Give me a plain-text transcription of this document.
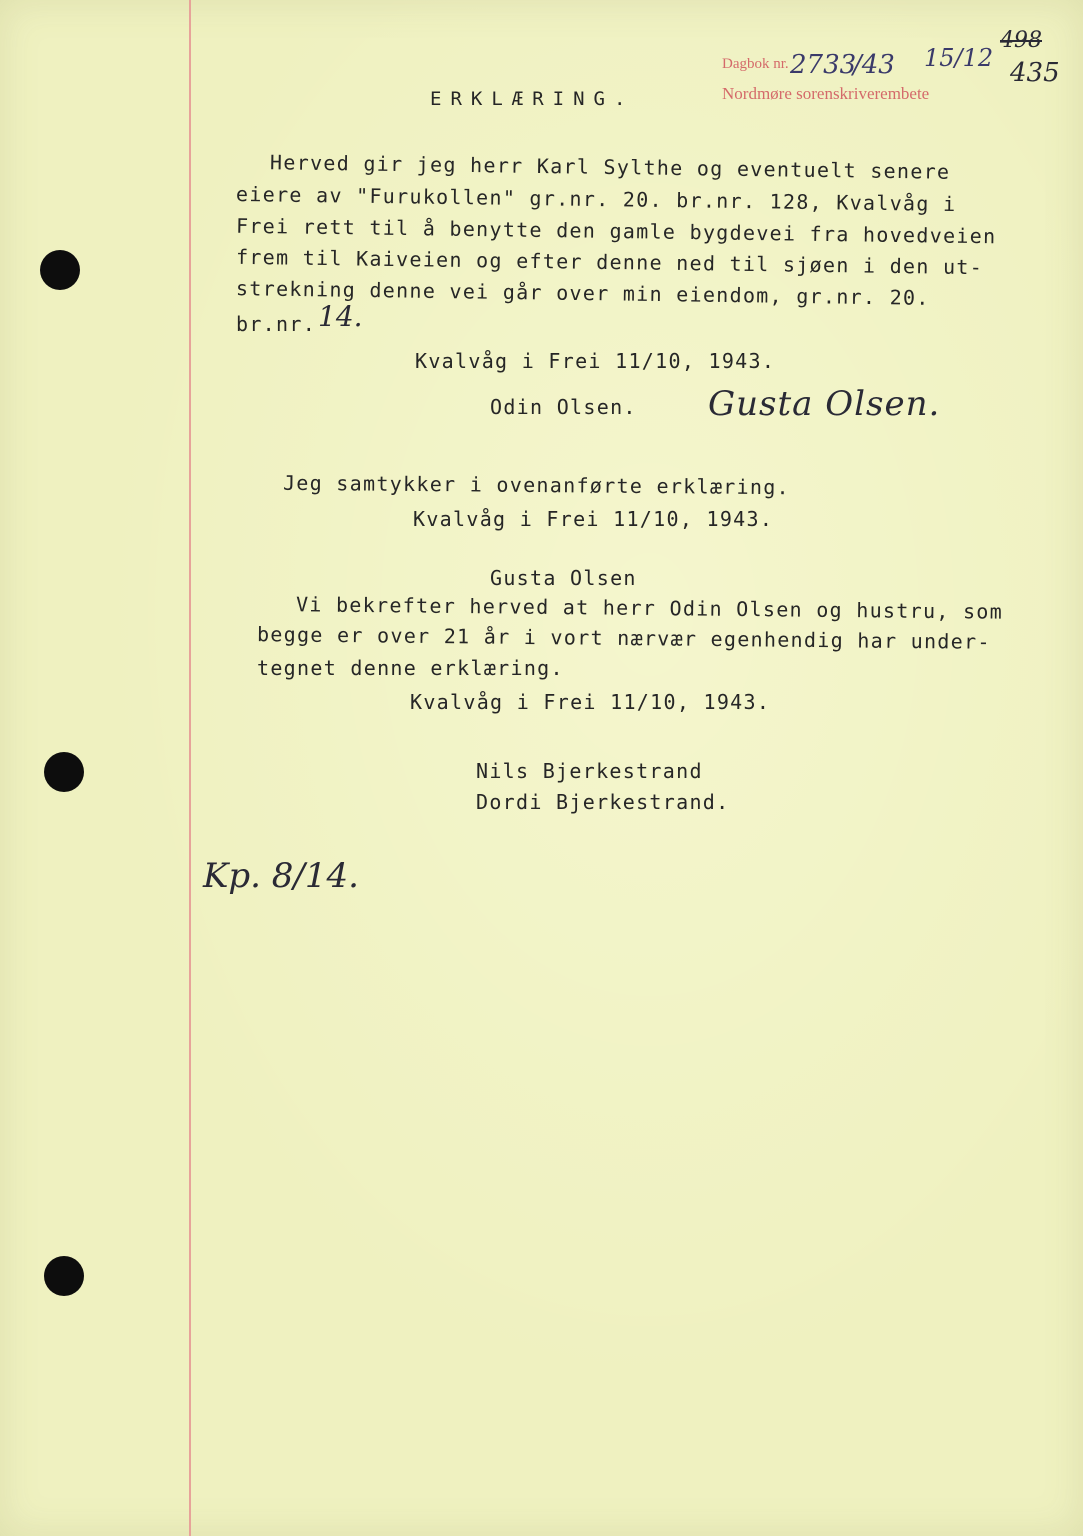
Dagbok nr. 2733
/43 15/12
Nordmøre sorenskriverembete
498
435
ERKLÆRING.
Herved gir jeg herr Karl Sylthe og eventuelt senere
eiere av "Furukollen" gr.nr. 20. br.nr. 128, Kvalvåg i
Frei rett til å benytte den gamle bygdevei fra hovedveien
frem til Kaiveien og efter denne ned til sjøen i den ut-
strekning denne vei går over min eiendom, gr.nr. 20.
br.nr. 14.
Kvalvåg i Frei 11/10, 1943.
Odin Olsen. Gusta Olsen.
Jeg samtykker i ovenanførte erklæring.
Kvalvåg i Frei 11/10, 1943.
Gusta Olsen
Vi bekrefter herved at herr Odin Olsen og hustru, som
begge er over 21 år i vort nærvær egenhendig har under-
tegnet denne erklæring.
Kvalvåg i Frei 11/10, 1943.
Nils Bjerkestrand
Dordi Bjerkestrand.
Kp. 8/14.
